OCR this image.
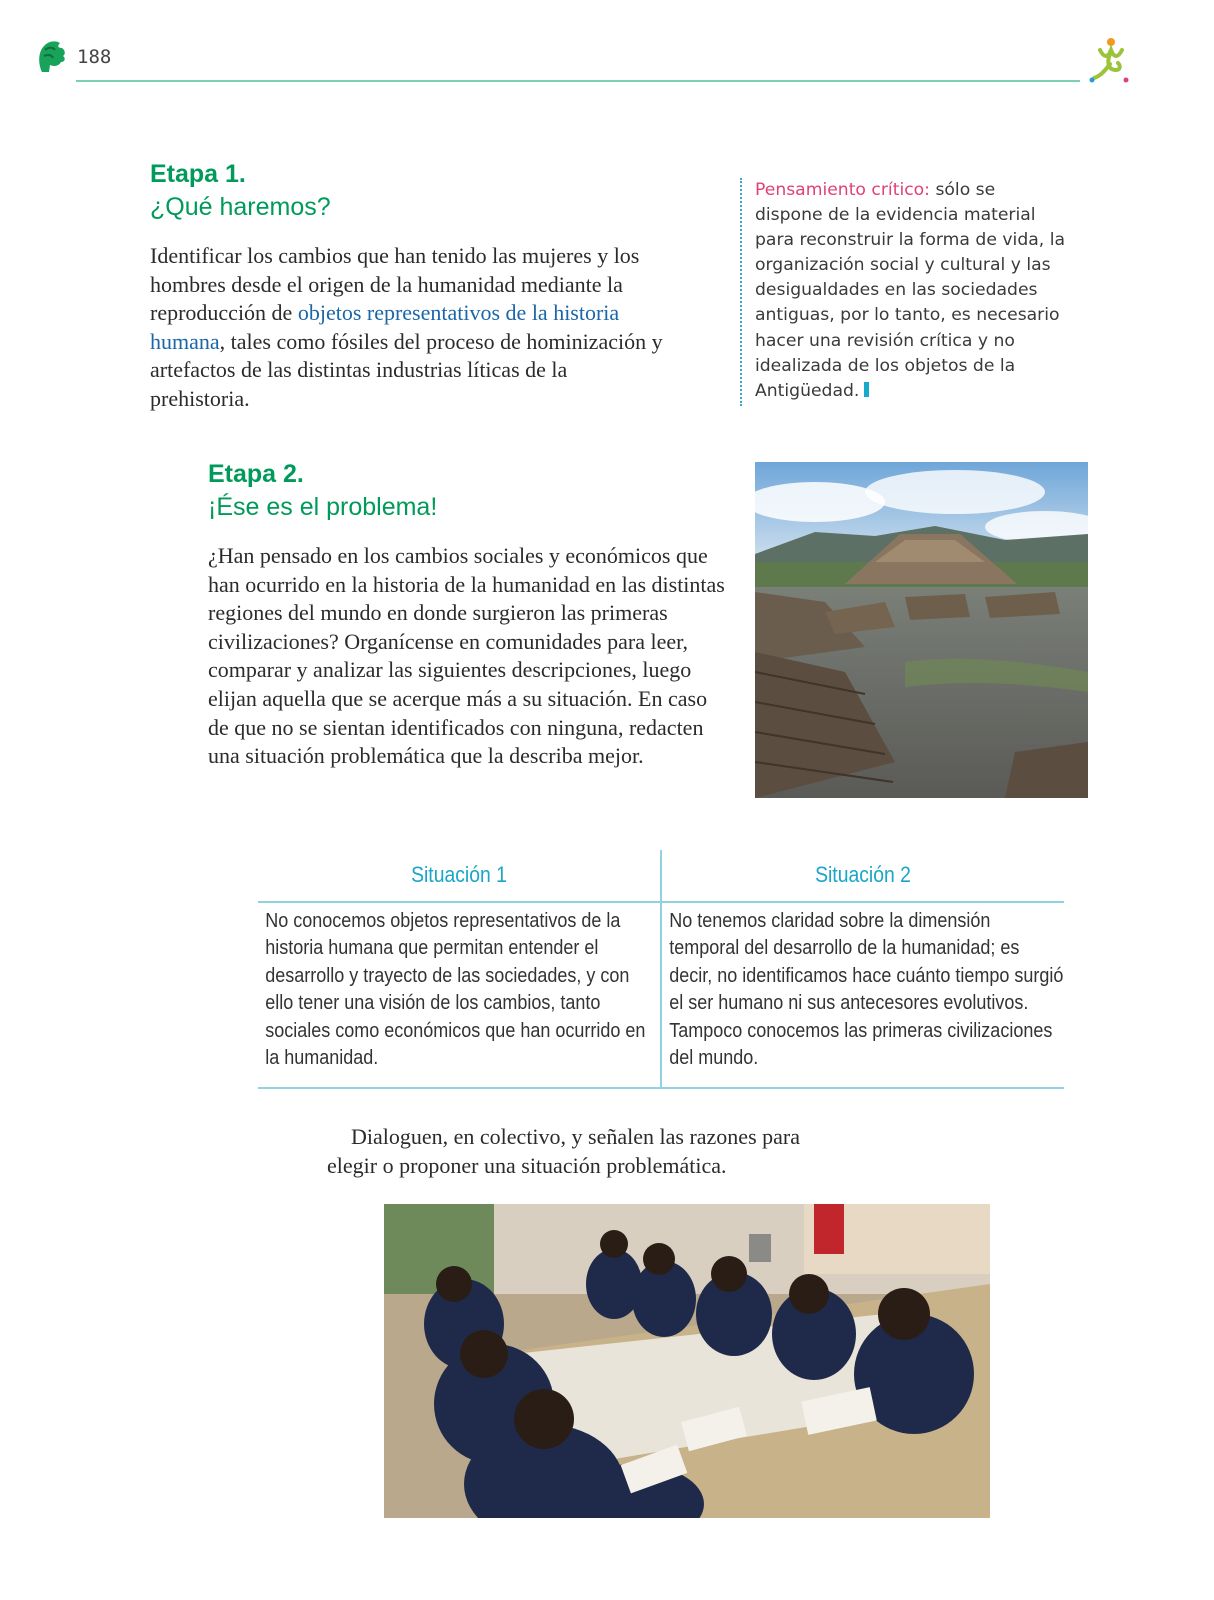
188
Etapa 1.
¿Qué haremos?

Identificar los cambios que han tenido las mujeres y los hombres desde el origen de la humanidad mediante la reproducción de objetos representativos de la historia humana, tales como fósiles del proceso de hominización y artefactos de las distintas industrias líticas de la prehistoria.

Pensamiento crítico: sólo se dispone de la evidencia material para reconstruir la forma de vida, la organización social y cultural y las desigualdades en las sociedades antiguas, por lo tanto, es necesario hacer una revisión crítica y no idealizada de los objetos de la Antigüedad.

Etapa 2.
¡Ése es el problema!

¿Han pensado en los cambios sociales y económicos que han ocurrido en la historia de la humanidad en las distintas regiones del mundo en donde surgieron las primeras civilizaciones? Organícense en comunidades para leer, comparar y analizar las siguientes descripciones, luego elijan aquella que se acerque más a su situación. En caso de que no se sientan identificados con ninguna, redacten una situación problemática que la describa mejor.

Situación 1

No conocemos objetos representativos de la historia humana que permitan entender el desarrollo y trayecto de las sociedades, y con ello tener una visión de los cambios, tanto sociales como económicos que han ocurrido en la humanidad.

Situación 2

No tenemos claridad sobre la dimensión temporal del desarrollo de la humanidad; es decir, no identificamos hace cuánto tiempo surgió el ser humano ni sus antecesores evolutivos. Tampoco conocemos las primeras civilizaciones del mundo.

Dialoguen, en colectivo, y señalen las razones para elegir o proponer una situación problemática.
